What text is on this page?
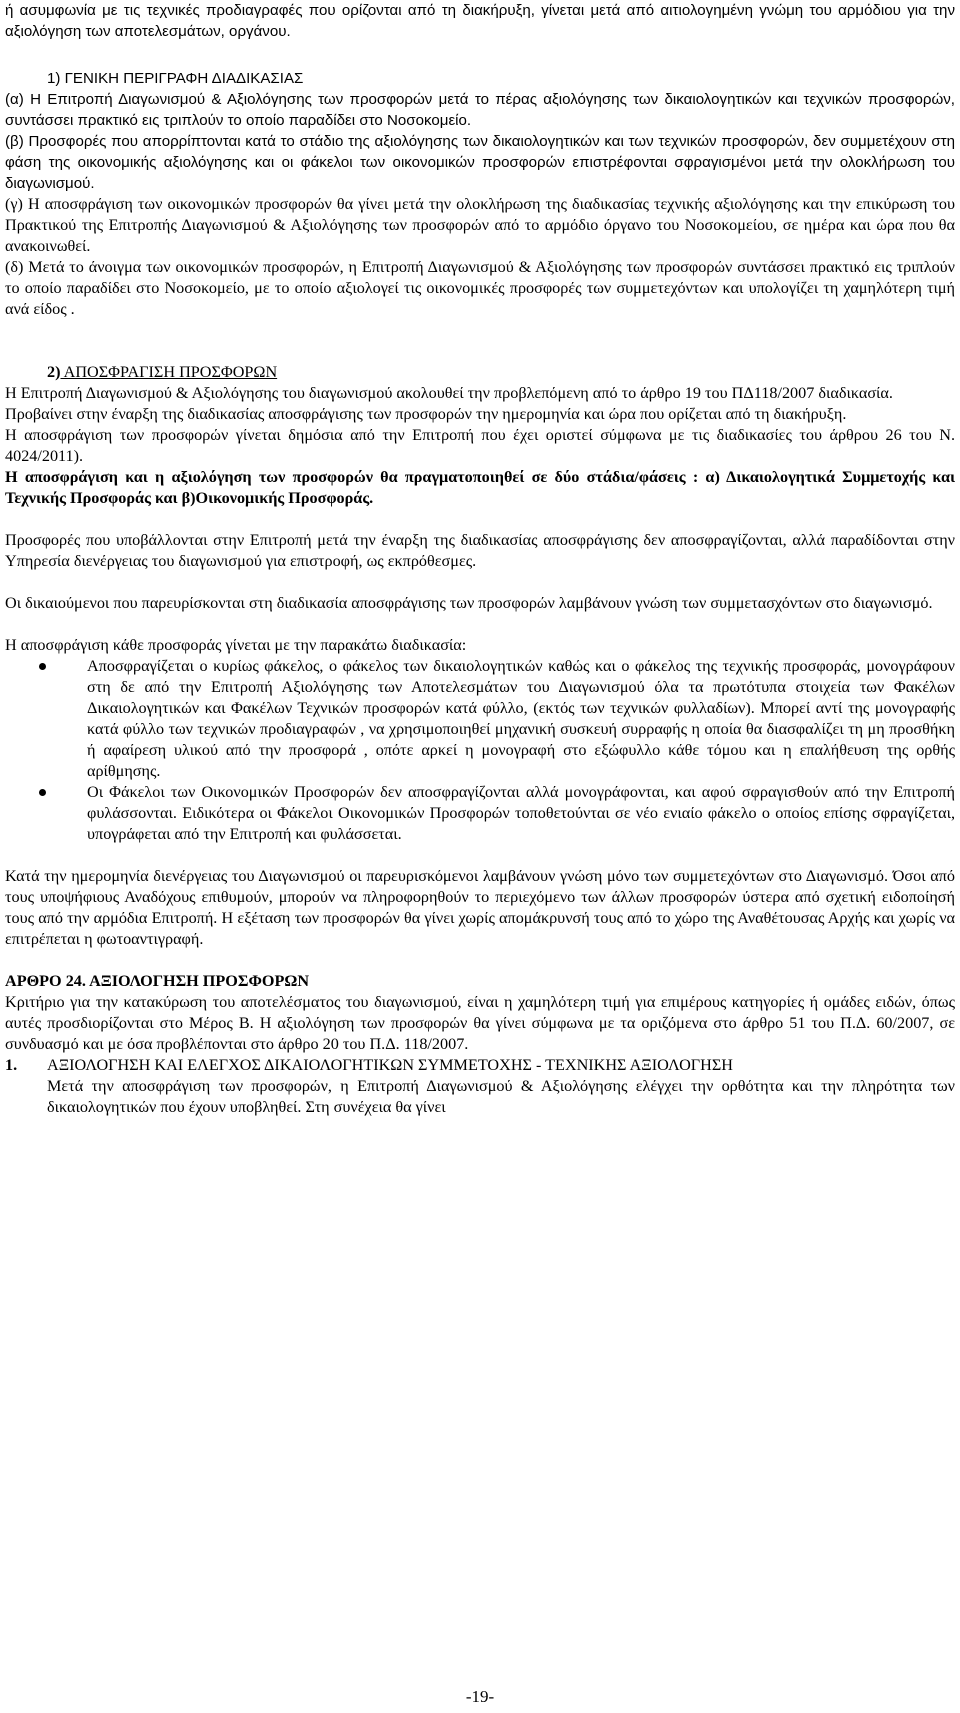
ή ασυμφωνία με τις τεχνικές προδιαγραφές που ορίζονται από τη διακήρυξη, γίνεται μετά από αιτιολογημένη γνώμη του αρμόδιου για την αξιολόγηση των αποτελεσμάτων, οργάνου.

1) ΓΕΝΙΚΗ ΠΕΡΙΓΡΑΦΗ ΔΙΑΔΙΚΑΣΙΑΣ

(α) Η Επιτροπή Διαγωνισμού & Αξιολόγησης των προσφορών μετά το πέρας αξιολόγησης των δικαιολογητικών και τεχνικών προσφορών, συντάσσει πρακτικό εις τριπλούν το οποίο παραδίδει στο Νοσοκομείο.

(β) Προσφορές που απορρίπτονται κατά το στάδιο της αξιολόγησης των δικαιολογητικών και των τεχνικών προσφορών, δεν συμμετέχουν στη φάση της οικονομικής αξιολόγησης και οι φάκελοι των οικονομικών προσφορών επιστρέφονται σφραγισμένοι μετά την ολοκλήρωση του διαγωνισμού.

(γ) Η αποσφράγιση των οικονομικών προσφορών θα γίνει μετά την ολοκλήρωση της διαδικασίας τεχνικής αξιολόγησης και την επικύρωση του Πρακτικού της Επιτροπής Διαγωνισμού & Αξιολόγησης των προσφορών από το αρμόδιο όργανο του Νοσοκομείου, σε ημέρα και ώρα που θα ανακοινωθεί.

(δ) Μετά το άνοιγμα των οικονομικών προσφορών, η Επιτροπή Διαγωνισμού & Αξιολόγησης των προσφορών συντάσσει πρακτικό εις τριπλούν το οποίο παραδίδει στο Νοσοκομείο, με το οποίο αξιολογεί τις οικονομικές προσφορές των συμμετεχόντων και υπολογίζει τη χαμηλότερη τιμή ανά είδος .

2) ΑΠΟΣΦΡΑΓΙΣΗ ΠΡΟΣΦΟΡΩΝ

Η Επιτροπή Διαγωνισμού & Αξιολόγησης του διαγωνισμού ακολουθεί την προβλεπόμενη από το άρθρο 19 του ΠΔ118/2007 διαδικασία.

Προβαίνει στην έναρξη της διαδικασίας αποσφράγισης των προσφορών την ημερομηνία και ώρα που ορίζεται από τη διακήρυξη.

Η αποσφράγιση των προσφορών γίνεται δημόσια από την Επιτροπή που έχει οριστεί σύμφωνα με τις διαδικασίες του άρθρου 26 του Ν. 4024/2011).

Η αποσφράγιση και η αξιολόγηση των προσφορών θα πραγματοποιηθεί σε δύο στάδια/φάσεις : α) Δικαιολογητικά Συμμετοχής και Τεχνικής Προσφοράς και β)Οικονομικής Προσφοράς.

Προσφορές που υποβάλλονται στην Επιτροπή μετά την έναρξη της διαδικασίας αποσφράγισης δεν αποσφραγίζονται, αλλά παραδίδονται στην Υπηρεσία διενέργειας του διαγωνισμού για επιστροφή, ως εκπρόθεσμες.

Οι δικαιούμενοι που παρευρίσκονται στη διαδικασία αποσφράγισης των προσφορών λαμβάνουν γνώση των συμμετασχόντων στο διαγωνισμό.

Η αποσφράγιση κάθε προσφοράς γίνεται με την παρακάτω διαδικασία:

Αποσφραγίζεται ο κυρίως φάκελος, ο φάκελος των δικαιολογητικών καθώς και ο φάκελος της τεχνικής προσφοράς, μονογράφουν στη δε από την Επιτροπή Αξιολόγησης των Αποτελεσμάτων του Διαγωνισμού όλα τα πρωτότυπα στοιχεία των Φακέλων Δικαιολογητικών και Φακέλων Τεχνικών προσφορών κατά φύλλο, (εκτός των τεχνικών φυλλαδίων). Μπορεί αντί της μονογραφής κατά φύλλο των τεχνικών προδιαγραφών , να χρησιμοποιηθεί μηχανική συσκευή συρραφής η οποία θα διασφαλίζει τη μη προσθήκη ή αφαίρεση υλικού από την προσφορά , οπότε αρκεί η μονογραφή στο εξώφυλλο κάθε τόμου και η επαλήθευση της ορθής αρίθμησης.
Οι Φάκελοι των Οικονομικών Προσφορών δεν αποσφραγίζονται αλλά μονογράφονται, και αφού σφραγισθούν από την Επιτροπή φυλάσσονται. Ειδικότερα οι Φάκελοι Οικονομικών Προσφορών τοποθετούνται σε νέο ενιαίο φάκελο ο οποίος επίσης σφραγίζεται, υπογράφεται από την Επιτροπή και φυλάσσεται.

Κατά την ημερομηνία διενέργειας του Διαγωνισμού οι παρευρισκόμενοι λαμβάνουν γνώση μόνο των συμμετεχόντων στο Διαγωνισμό. Όσοι από τους υποψήφιους Αναδόχους επιθυμούν, μπορούν να πληροφορηθούν το περιεχόμενο των άλλων προσφορών ύστερα από σχετική ειδοποίησή τους από την αρμόδια Επιτροπή. Η εξέταση των προσφορών θα γίνει χωρίς απομάκρυνσή τους από το χώρο της Αναθέτουσας Αρχής και χωρίς να επιτρέπεται η φωτοαντιγραφή.

ΑΡΘΡΟ 24. ΑΞΙΟΛΟΓΗΣΗ ΠΡΟΣΦΟΡΩΝ

Κριτήριο για την κατακύρωση του αποτελέσματος του διαγωνισμού, είναι η χαμηλότερη τιμή για επιμέρους κατηγορίες ή ομάδες ειδών, όπως αυτές προσδιορίζονται στο Μέρος Β. Η αξιολόγηση των προσφορών θα γίνει σύμφωνα με τα οριζόμενα στο άρθρο 51 του Π.Δ. 60/2007, σε συνδυασμό και με όσα προβλέπονται στο άρθρο 20 του Π.Δ. 118/2007.

1. ΑΞΙΟΛΟΓΗΣΗ ΚΑΙ ΕΛΕΓΧΟΣ ΔΙΚΑΙΟΛΟΓΗΤΙΚΩΝ ΣΥΜΜΕΤΟΧΗΣ - ΤΕΧΝΙΚΗΣ ΑΞΙΟΛΟΓΗΣΗ

Μετά την αποσφράγιση των προσφορών, η Επιτροπή Διαγωνισμού & Αξιολόγησης ελέγχει την ορθότητα και την πληρότητα των δικαιολογητικών που έχουν υποβληθεί. Στη συνέχεια θα γίνει

-19-
